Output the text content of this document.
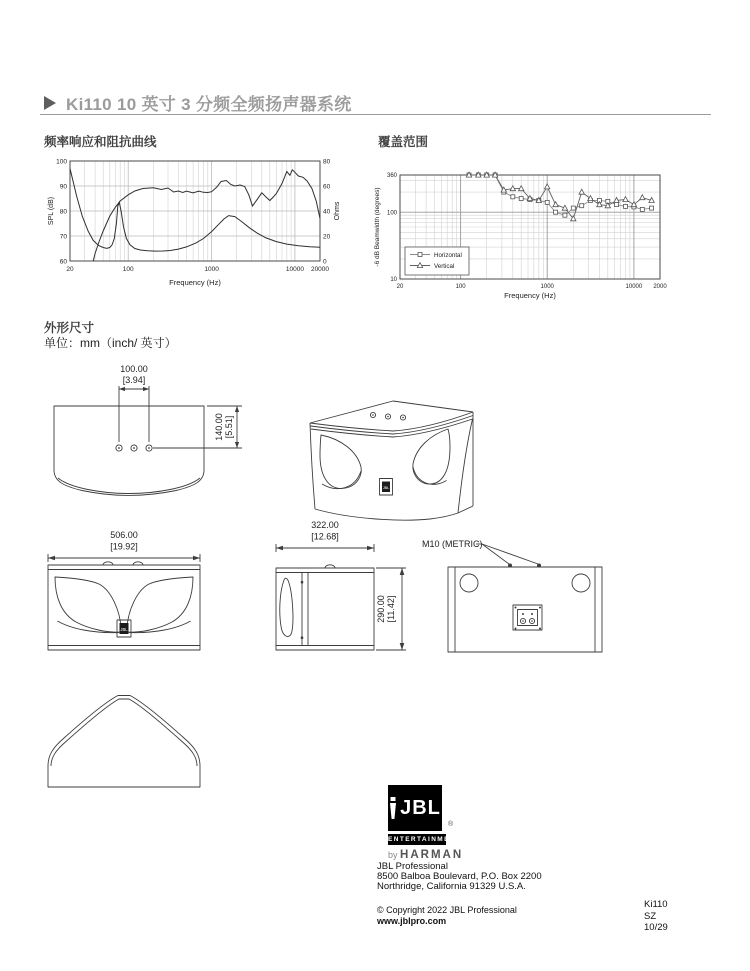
Ki110 10 英寸 3 分频全频扬声器系统
频率响应和阻抗曲线	覆盖范围
60
70
80
90
100
0
20
40
60
80
20	100	1000	10000 20000
SPL (dB)	Ohms
Frequency (Hz)
360
100
10
20	100	1000	10000 2000
-6 dB Beamwidth (degrees)
Frequency (Hz)
Horizontal
Vertical
外形尺寸
单位：mm（inch/ 英寸）
100.00
[3.94]
140.00 [5.51]
JBL
JBL
506.00
[19.92]
322.00
[12.68]
290.00 [11.42]
M10 (METRIC)
JBL
ENTERTAINMENT
®
by HARMAN
JBL Professional
8500 Balboa Boulevard, P.O. Box 2200
Northridge, California 91329 U.S.A.
© Copyright 2022 JBL Professional
www.jblpro.com
Ki110
SZ
10/29
